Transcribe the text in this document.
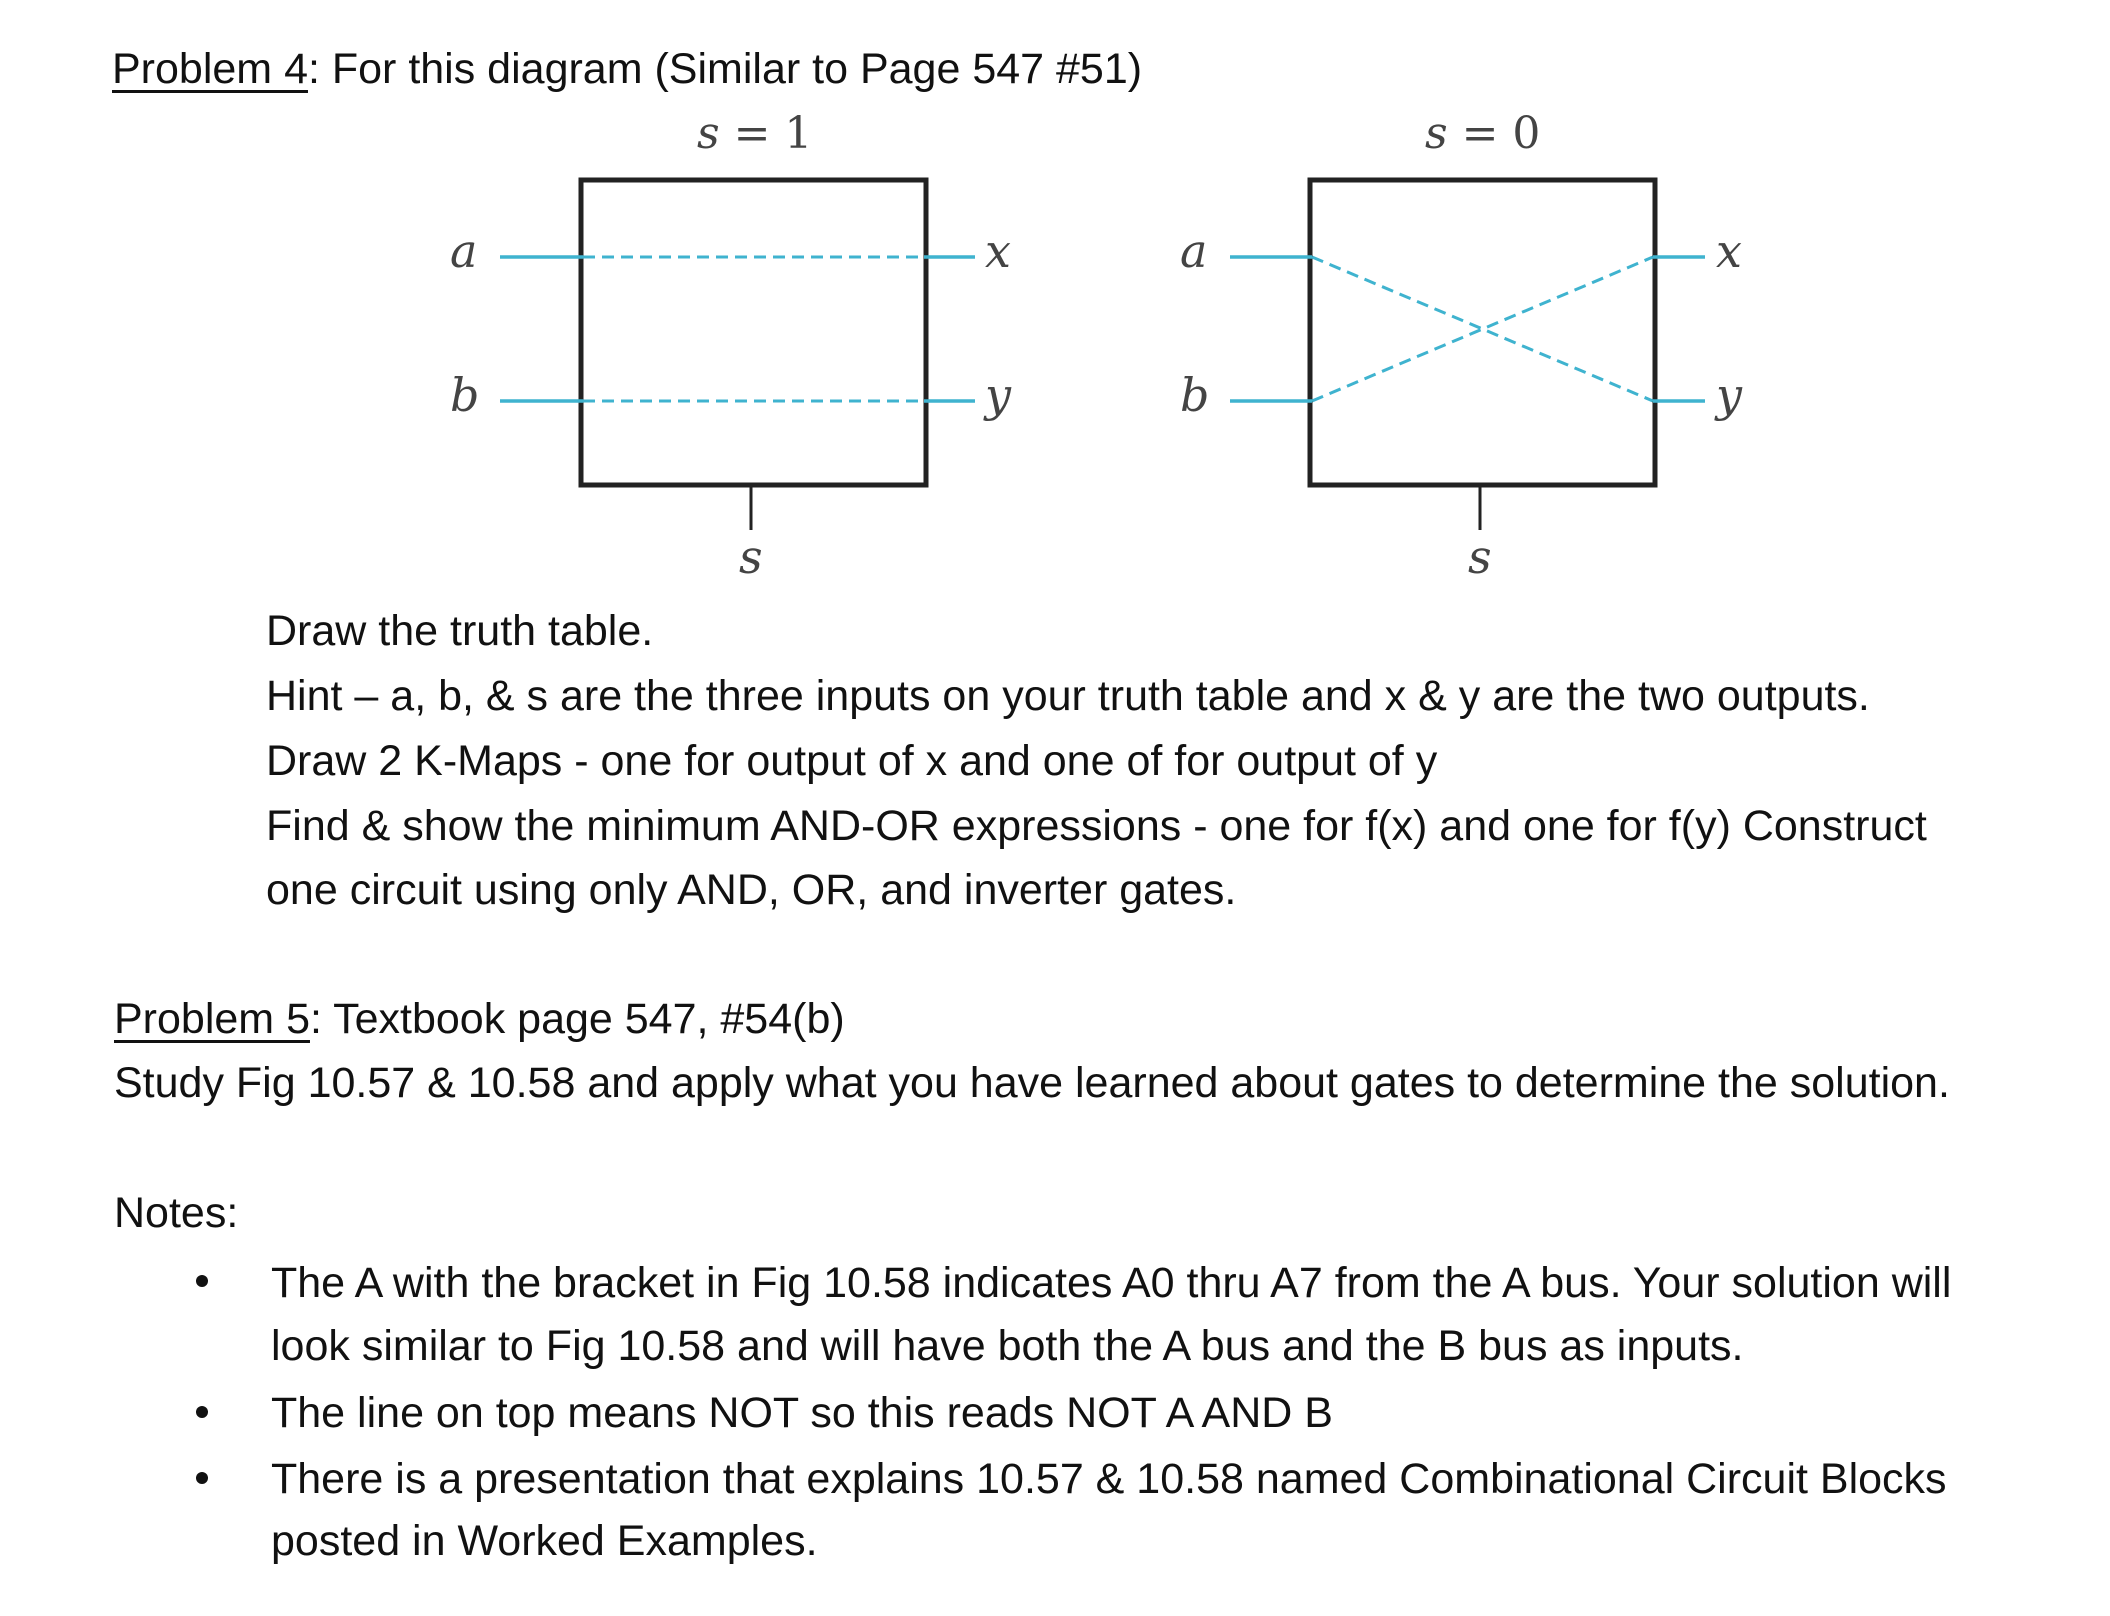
Problem 4: For this diagram (Similar to Page 547 #51)
s = 1
a
b
x
y
s
s = 0
a
b
x
y
s
Draw the truth table.
Hint – a, b, & s are the three inputs on your truth table and x & y are the two outputs.
Draw 2 K-Maps - one for output of x and one of for output of y
Find & show the minimum AND-OR expressions - one for f(x) and one for f(y) Construct
one circuit using only AND, OR, and inverter gates.
Problem 5: Textbook page 547, #54(b)
Study Fig 10.57 & 10.58 and apply what you have learned about gates to determine the solution.
Notes:
The A with the bracket in Fig 10.58 indicates A0 thru A7 from the A bus. Your solution will
look similar to Fig 10.58 and will have both the A bus and the B bus as inputs.
The line on top means NOT so this reads NOT A AND B
There is a presentation that explains 10.57 & 10.58 named Combinational Circuit Blocks
posted in Worked Examples.
